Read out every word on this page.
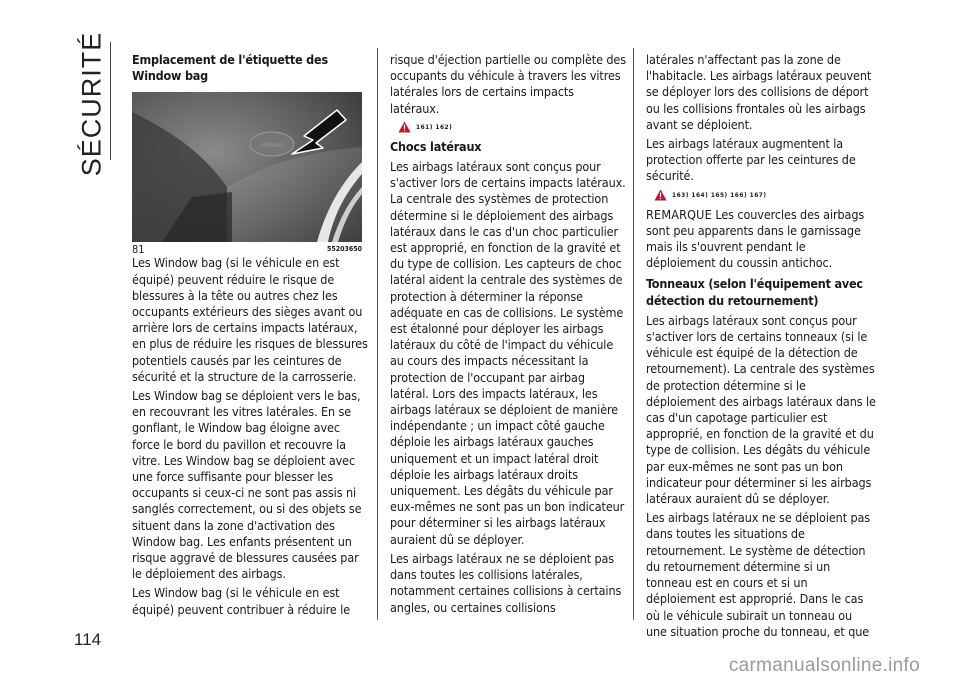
SÉCURITÉ
114
Emplacement de l'étiquette des Window bag
AIRBAG
81	55203650

Les Window bag (si le véhicule en est équipé) peuvent réduire le risque de blessures à la tête ou autres chez les occupants extérieurs des sièges avant ou arrière lors de certains impacts latéraux, en plus de réduire les risques de blessures potentiels causés par les ceintures de sécurité et la structure de la carrosserie.

Les Window bag se déploient vers le bas, en recouvrant les vitres latérales. En se gonflant, le Window bag éloigne avec force le bord du pavillon et recouvre la vitre. Les Window bag se déploient avec une force suffisante pour blesser les occupants si ceux-ci ne sont pas assis ni sanglés correctement, ou si des objets se situent dans la zone d'activation des Window bag. Les enfants présentent un risque aggravé de blessures causées par le déploiement des airbags.

Les Window bag (si le véhicule en est équipé) peuvent contribuer à réduire le

risque d'éjection partielle ou complète des occupants du véhicule à travers les vitres latérales lors de certains impacts latéraux.

161) 162)
Chocs latéraux

Les airbags latéraux sont conçus pour s'activer lors de certains impacts latéraux. La centrale des systèmes de protection détermine si le déploiement des airbags latéraux dans le cas d'un choc particulier est approprié, en fonction de la gravité et du type de collision. Les capteurs de choc latéral aident la centrale des systèmes de protection à déterminer la réponse adéquate en cas de collisions. Le système est étalonné pour déployer les airbags latéraux du côté de l'impact du véhicule au cours des impacts nécessitant la protection de l'occupant par airbag latéral. Lors des impacts latéraux, les airbags latéraux se déploient de manière indépendante ; un impact côté gauche déploie les airbags latéraux gauches uniquement et un impact latéral droit déploie les airbags latéraux droits uniquement. Les dégâts du véhicule par eux-mêmes ne sont pas un bon indicateur pour déterminer si les airbags latéraux auraient dû se déployer.

Les airbags latéraux ne se déploient pas dans toutes les collisions latérales, notamment certaines collisions à certains angles, ou certaines collisions

latérales n'affectant pas la zone de l'habitacle. Les airbags latéraux peuvent se déployer lors des collisions de déport ou les collisions frontales où les airbags avant se déploient.

Les airbags latéraux augmentent la protection offerte par les ceintures de sécurité.

163) 164) 165) 166) 167)

REMARQUE Les couvercles des airbags sont peu apparents dans le garnissage mais ils s'ouvrent pendant le déploiement du coussin antichoc.

Tonneaux (selon l'équipement avec détection du retournement)

Les airbags latéraux sont conçus pour s'activer lors de certains tonneaux (si le véhicule est équipé de la détection de retournement). La centrale des systèmes de protection détermine si le déploiement des airbags latéraux dans le cas d'un capotage particulier est approprié, en fonction de la gravité et du type de collision. Les dégâts du véhicule par eux-mêmes ne sont pas un bon indicateur pour déterminer si les airbags latéraux auraient dû se déployer.

Les airbags latéraux ne se déploient pas dans toutes les situations de retournement. Le système de détection du retournement détermine si un tonneau est en cours et si un déploiement est approprié. Dans le cas où le véhicule subirait un tonneau ou une situation proche du tonneau, et que

carmanualsonline.info
